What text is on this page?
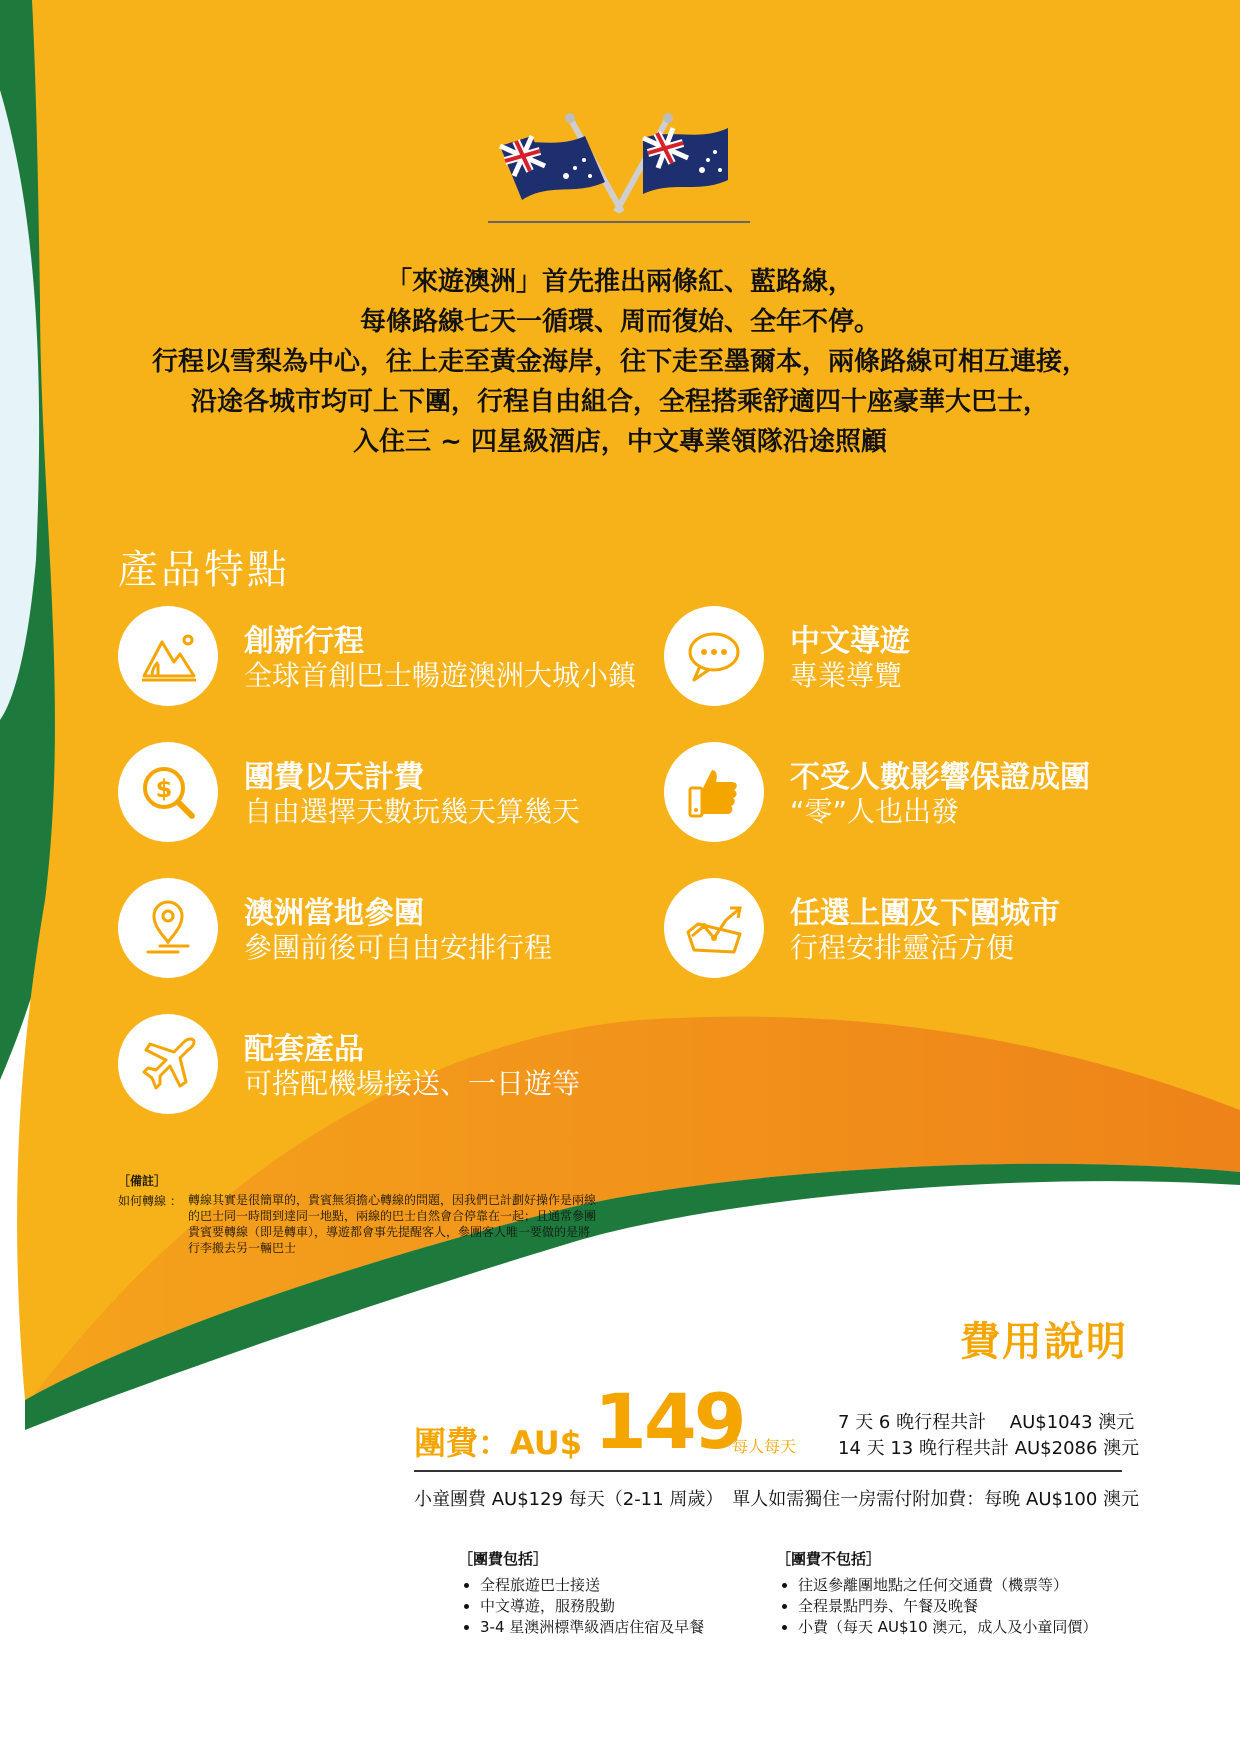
「來遊澳洲」首先推出兩條紅、藍路線，
每條路線七天一循環、周而復始、全年不停。
行程以雪梨為中心，往上走至黃金海岸，往下走至墨爾本，兩條路線可相互連接，
沿途各城市均可上下團，行程自由組合，全程搭乘舒適四十座豪華大巴士，
入住三 ~ 四星級酒店，中文專業領隊沿途照顧
產品特點
創新行程
全球首創巴士暢遊澳洲大城小鎮
中文導遊
專業導覽
$ 團費以天計費
自由選擇天數玩幾天算幾天
不受人數影響保證成團
“零”人也出發
澳洲當地參團
參團前後可自由安排行程
任選上團及下團城市
行程安排靈活方便
配套產品
可搭配機場接送、一日遊等
［備註］
如何轉線 ： 轉線其實是很簡單的，貴賓無須擔心轉線的問題，因我們已計劃好操作是兩線的巴士同一時間到達同一地點，兩線的巴士自然會合停靠在一起；且通常參團貴賓要轉線（即是轉車），導遊都會事先提醒客人，參團客人唯一要做的是將行李搬去另一輛巴士
費用說明
團費：AU$ 149
每人每天
7 天 6 晚行程共計　 AU$1043 澳元
14 天 13 晚行程共計 AU$2086 澳元
小童團費 AU$129 每天（2-11 周歲）　單人如需獨住一房需付附加費：每晚 AU$100 澳元
［團費包括］
• 全程旅遊巴士接送
• 中文導遊，服務殷勤
• 3-4 星澳洲標準級酒店住宿及早餐
［團費不包括］
• 往返參離團地點之任何交通費（機票等）
• 全程景點門券、午餐及晚餐
• 小費（每天 AU$10 澳元，成人及小童同價）
